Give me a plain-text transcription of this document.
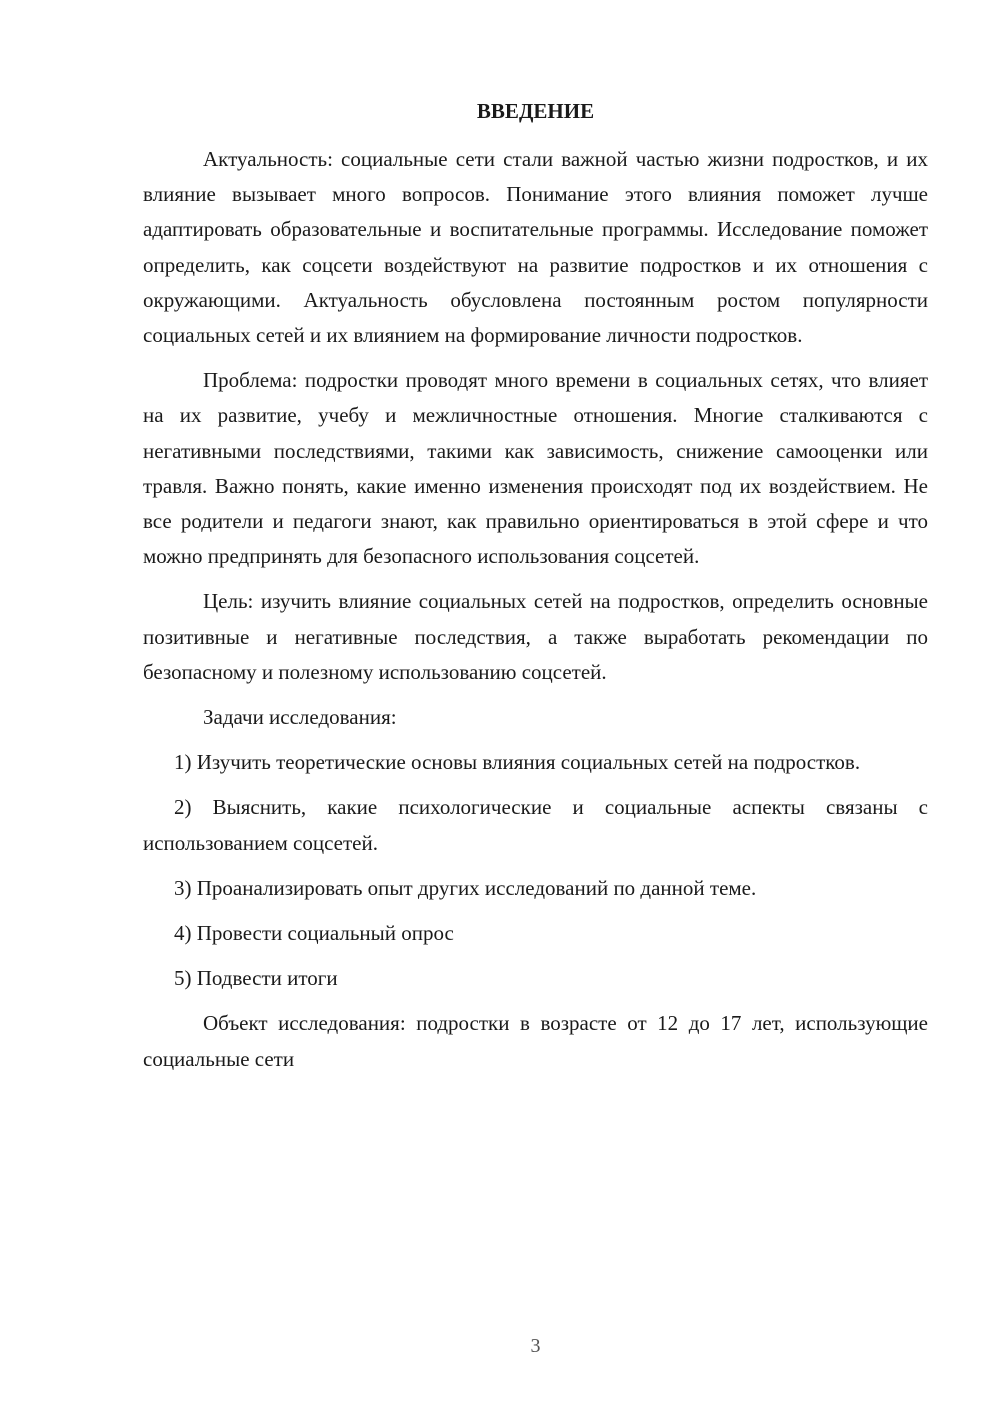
ВВЕДЕНИЕ

Актуальность: социальные сети стали важной частью жизни подростков, и их влияние вызывает много вопросов. Понимание этого влияния поможет лучше адаптировать образовательные и воспитательные программы. Исследование поможет определить, как соцсети воздействуют на развитие подростков и их отношения с окружающими. Актуальность обусловлена постоянным ростом популярности социальных сетей и их влиянием на формирование личности подростков.

Проблема: подростки проводят много времени в социальных сетях, что влияет на их развитие, учебу и межличностные отношения. Многие сталкиваются с негативными последствиями, такими как зависимость, снижение самооценки или травля. Важно понять, какие именно изменения происходят под их воздействием. Не все родители и педагоги знают, как правильно ориентироваться в этой сфере и что можно предпринять для безопасного использования соцсетей.

Цель: изучить влияние социальных сетей на подростков, определить основные позитивные и негативные последствия, а также выработать рекомендации по безопасному и полезному использованию соцсетей.

Задачи исследования:

1) Изучить теоретические основы влияния социальных сетей на подростков.

2) Выяснить, какие психологические и социальные аспекты связаны с использованием соцсетей.

3) Проанализировать опыт других исследований по данной теме.

4) Провести социальный опрос

5) Подвести итоги

Объект исследования: подростки в возрасте от 12 до 17 лет, использующие социальные сети

3
